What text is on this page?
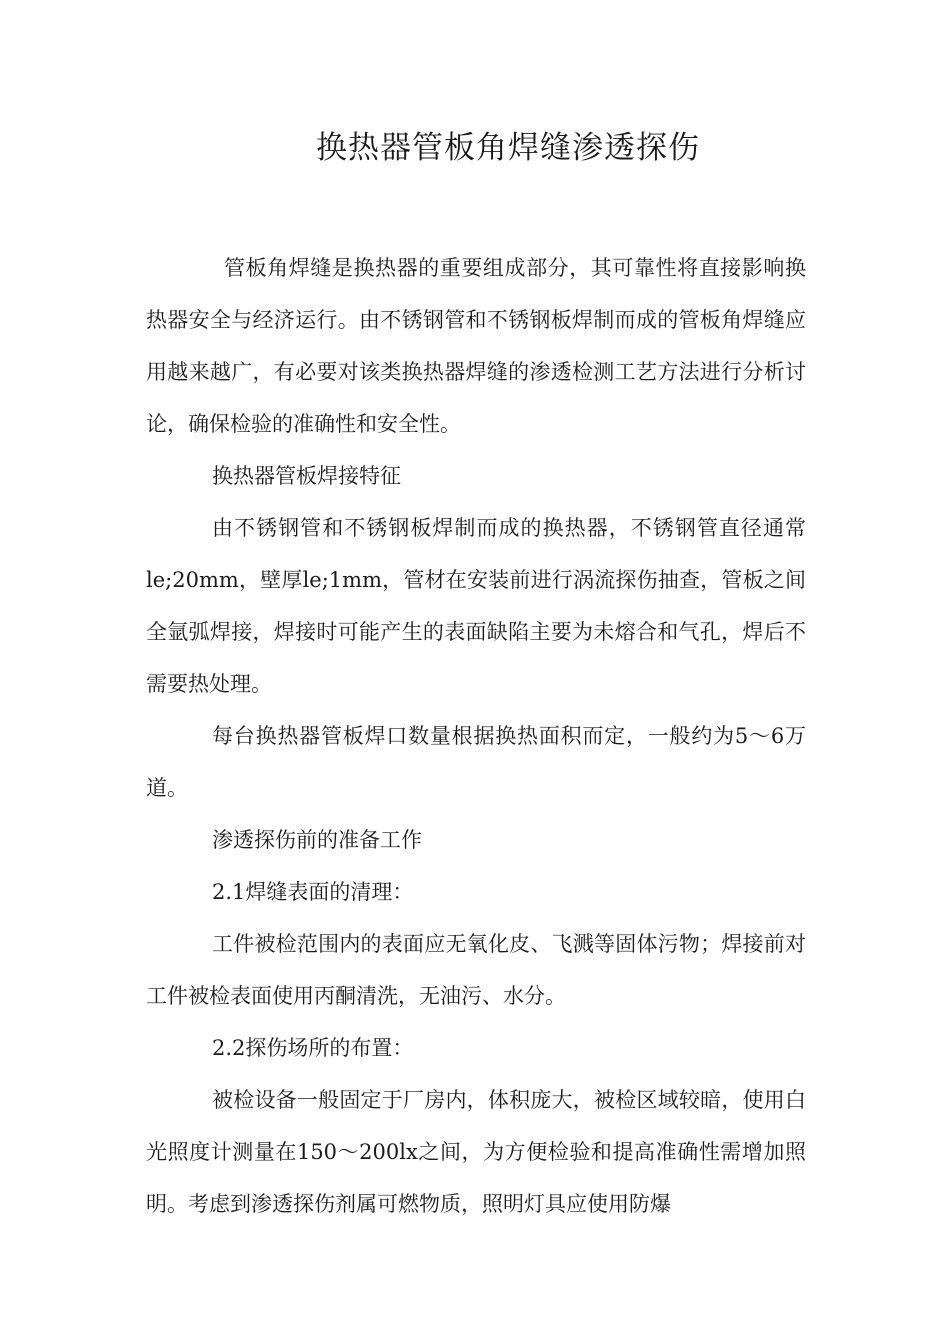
换热器管板角焊缝渗透探伤

管板角焊缝是换热器的重要组成部分，其可靠性将直接影响换热器安全与经济运行。由不锈钢管和不锈钢板焊制而成的管板角焊缝应用越来越广，有必要对该类换热器焊缝的渗透检测工艺方法进行分析讨论，确保检验的准确性和安全性。

换热器管板焊接特征

由不锈钢管和不锈钢板焊制而成的换热器，不锈钢管直径通常le;20mm，壁厚le;1mm，管材在安装前进行涡流探伤抽查，管板之间全氩弧焊接，焊接时可能产生的表面缺陷主要为未熔合和气孔，焊后不需要热处理。

每台换热器管板焊口数量根据换热面积而定，一般约为5～6万道。

渗透探伤前的准备工作

2.1焊缝表面的清理：

工件被检范围内的表面应无氧化皮、飞溅等固体污物；焊接前对工件被检表面使用丙酮清洗，无油污、水分。

2.2探伤场所的布置：

被检设备一般固定于厂房内，体积庞大，被检区域较暗，使用白光照度计测量在150～200lx之间，为方便检验和提高准确性需增加照明。考虑到渗透探伤剂属可燃物质，照明灯具应使用防爆
